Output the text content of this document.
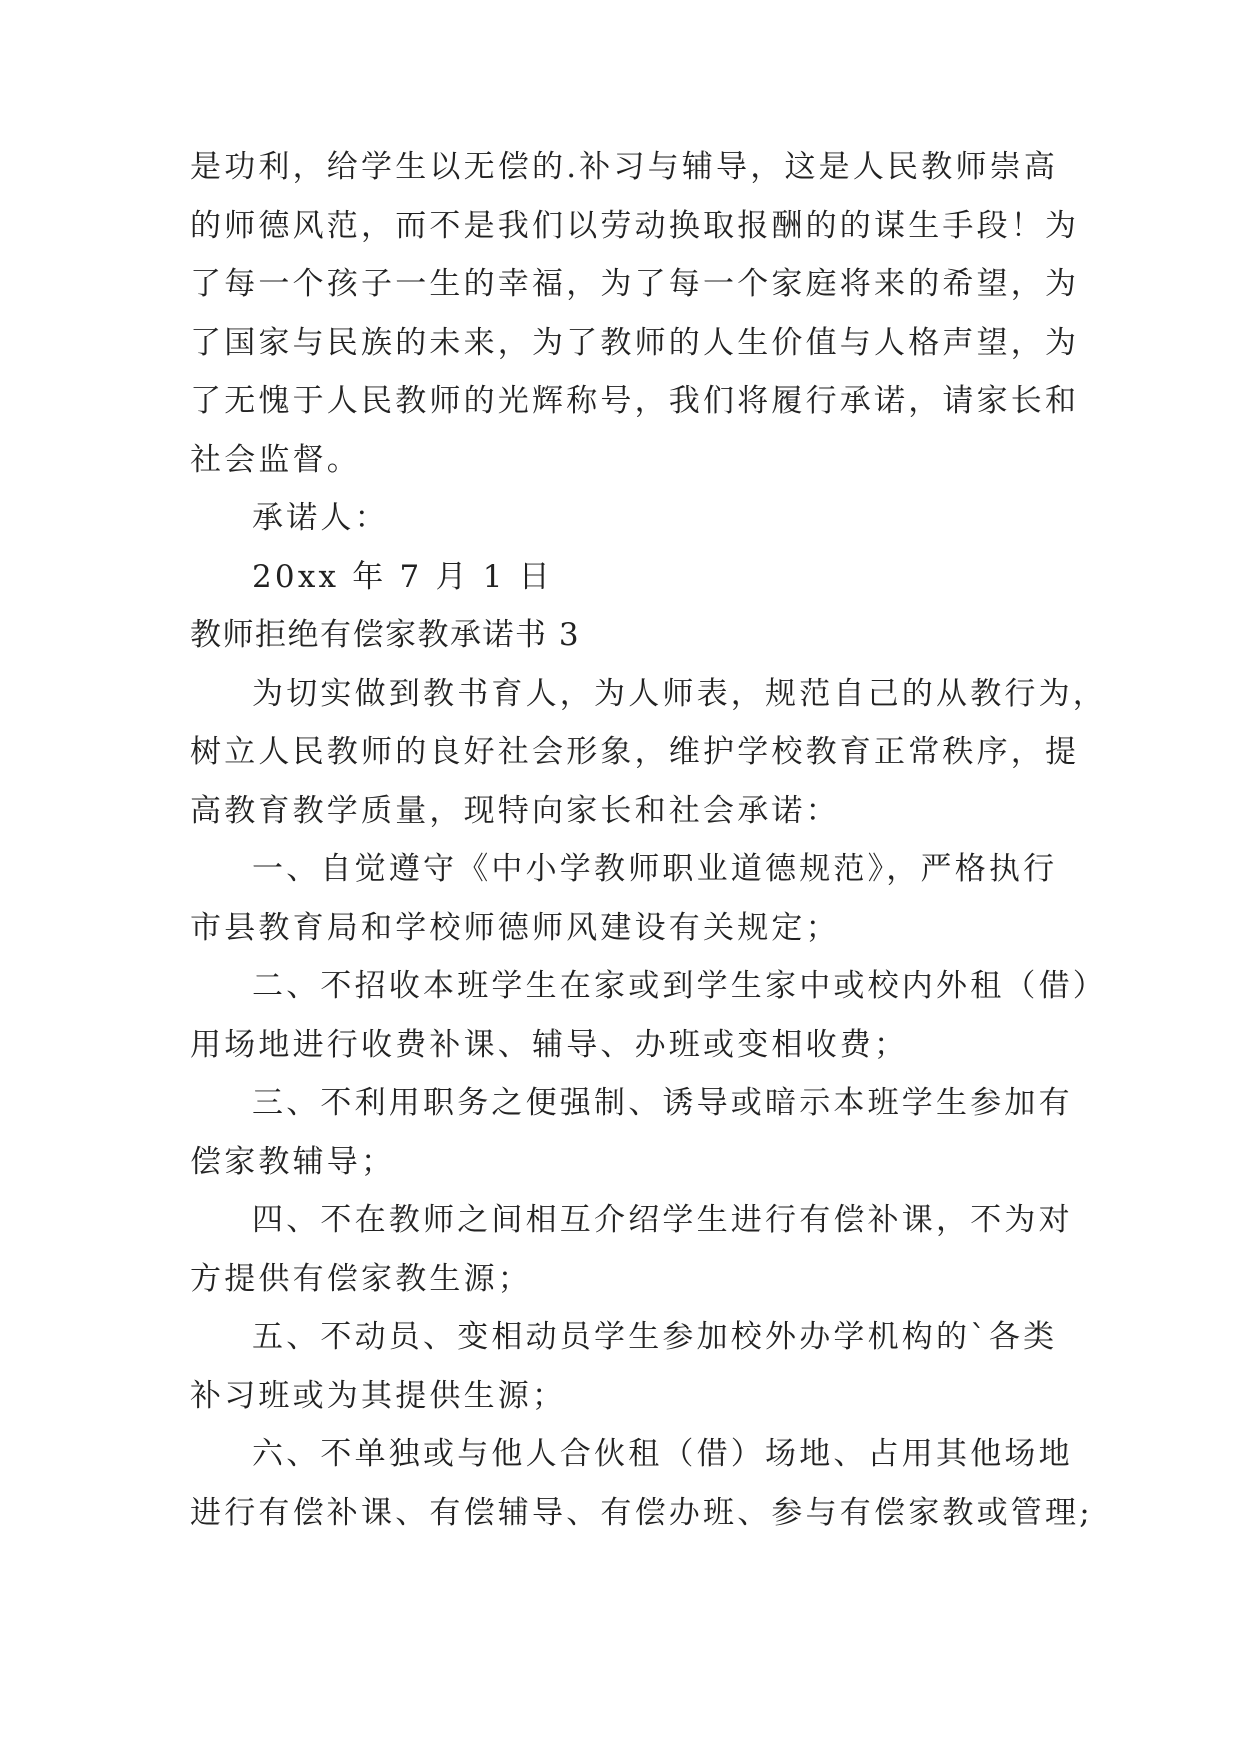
是功利，给学生以无偿的.补习与辅导，这是人民教师崇高
的师德风范，而不是我们以劳动换取报酬的的谋生手段！为
了每一个孩子一生的幸福，为了每一个家庭将来的希望，为
了国家与民族的未来，为了教师的人生价值与人格声望，为
了无愧于人民教师的光辉称号，我们将履行承诺，请家长和
社会监督。
承诺人：
20xx 年 7 月 1 日
教师拒绝有偿家教承诺书 3
为切实做到教书育人，为人师表，规范自己的从教行为，
树立人民教师的良好社会形象，维护学校教育正常秩序，提
高教育教学质量，现特向家长和社会承诺：
一、自觉遵守《中小学教师职业道德规范》，严格执行
市县教育局和学校师德师风建设有关规定；
二、不招收本班学生在家或到学生家中或校内外租（借）
用场地进行收费补课、辅导、办班或变相收费；
三、不利用职务之便强制、诱导或暗示本班学生参加有
偿家教辅导；
四、不在教师之间相互介绍学生进行有偿补课，不为对
方提供有偿家教生源；
五、不动员、变相动员学生参加校外办学机构的`各类
补习班或为其提供生源；
六、不单独或与他人合伙租（借）场地、占用其他场地
进行有偿补课、有偿辅导、有偿办班、参与有偿家教或管理;
